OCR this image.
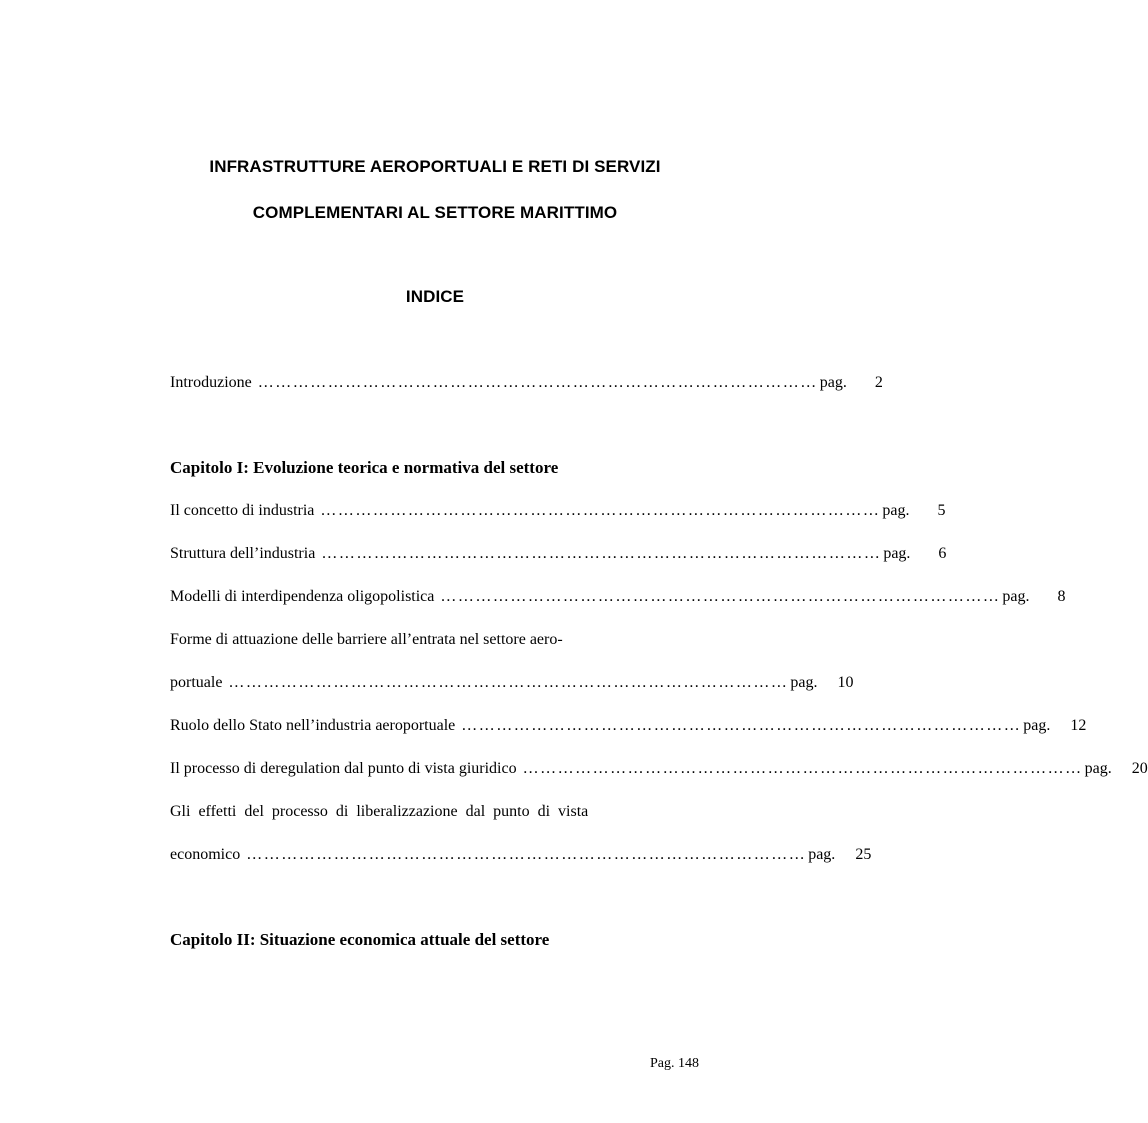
INFRASTRUTTURE AEROPORTUALI E RETI DI SERVIZI
COMPLEMENTARI AL SETTORE MARITTIMO
INDICE
Introduzione …………………………………………………………………………………… pag.	2
Capitolo I: Evoluzione teorica e normativa del settore
Il concetto di industria …………………………………………………………………………………… pag.	5
Struttura dell’industria …………………………………………………………………………………… pag.	6
Modelli di interdipendenza oligopolistica …………………………………………………………………………………… pag.	8
Forme di attuazione delle barriere all’entrata nel settore aero-
portuale …………………………………………………………………………………… pag.	10
Ruolo dello Stato nell’industria aeroportuale …………………………………………………………………………………… pag.	12
Il processo di deregulation dal punto di vista giuridico …………………………………………………………………………………… pag.	20
Gli effetti del processo di liberalizzazione dal punto di vista
economico …………………………………………………………………………………… pag.	25
Capitolo II: Situazione economica attuale del settore
Pag. 148
